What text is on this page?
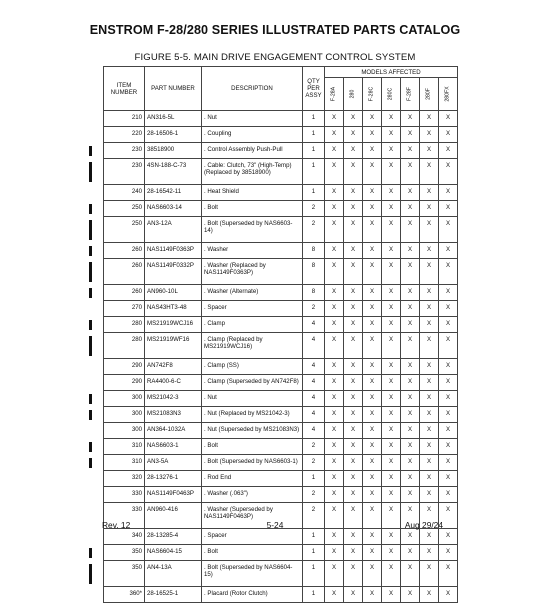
ENSTROM F-28/280 SERIES ILLUSTRATED PARTS CATALOG
FIGURE 5-5. MAIN DRIVE ENGAGEMENT CONTROL SYSTEM
ITEM NUMBER	PART NUMBER	DESCRIPTION	QTY PER ASSY	MODELS AFFECTED						

				F-28A	280	F-28C	280C	F-28F	280F	280FX

210	AN316-5L	. Nut	1	X	X	X	X	X	X	X
220	28-16506-1	. Coupling	1	X	X	X	X	X	X	X
230	38518900	. Control Assembly Push-Pull	1	X	X	X	X	X	X	X
230	4SN-188-C-73	. Cable: Clutch, 73" (High-Temp) (Replaced by 38518900)	1	X	X	X	X	X	X	X
240	28-16542-11	. Heat Shield	1	X	X	X	X	X	X	X
250	NAS6603-14	. Bolt	2	X	X	X	X	X	X	X
250	AN3-12A	. Bolt (Superseded by NAS6603-14)	2	X	X	X	X	X	X	X
260	NAS1149F0363P	. Washer	8	X	X	X	X	X	X	X
260	NAS1149F0332P	. Washer (Replaced by NAS1149F0363P)	8	X	X	X	X	X	X	X
260	AN960-10L	. Washer (Alternate)	8	X	X	X	X	X	X	X
270	NAS43HT3-48	. Spacer	2	X	X	X	X	X	X	X
280	MS21919WCJ16	. Clamp	4	X	X	X	X	X	X	X
280	MS21919WF16	. Clamp (Replaced by MS21919WCJ16)	4	X	X	X	X	X	X	X
290	AN742F8	. Clamp (SS)	4	X	X	X	X	X	X	X
290	RA4400-6-C	. Clamp (Superseded by AN742F8)	4	X	X	X	X	X	X	X
300	MS21042-3	. Nut	4	X	X	X	X	X	X	X
300	MS21083N3	. Nut (Replaced by MS21042-3)	4	X	X	X	X	X	X	X
300	AN364-1032A	. Nut (Superseded by MS21083N3)	4	X	X	X	X	X	X	X
310	NAS6603-1	. Bolt	2	X	X	X	X	X	X	X
310	AN3-5A	. Bolt (Superseded by NAS6603-1)	2	X	X	X	X	X	X	X
320	28-13276-1	. Rod End	1	X	X	X	X	X	X	X
330	NAS1149F0463P	. Washer (.063")	2	X	X	X	X	X	X	X
330	AN960-416	. Washer (Superseded by NAS1149F0463P)	2	X	X	X	X	X	X	X
340	28-13285-4	. Spacer	1	X	X	X	X	X	X	X
350	NAS6604-15	. Bolt	1	X	X	X	X	X	X	X
350	AN4-13A	. Bolt (Superseded by NAS6604-15)	1	X	X	X	X	X	X	X
360*	28-16525-1	. Placard (Rotor Clutch)	1	X	X	X	X	X	X	X
Rev. 12	5-24	Aug 29/24
